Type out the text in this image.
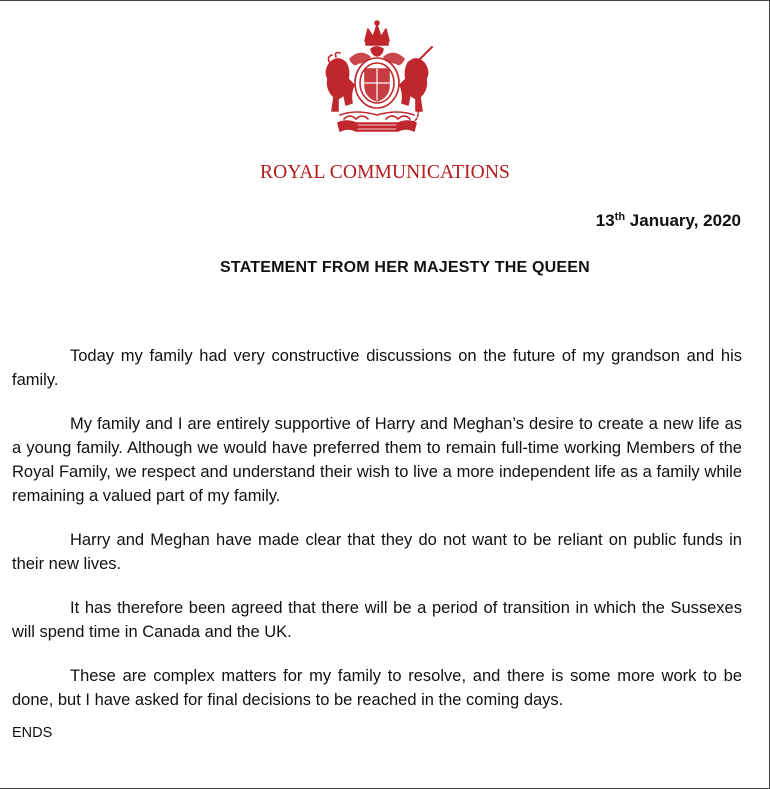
ROYAL COMMUNICATIONS
13th January, 2020
STATEMENT FROM HER MAJESTY THE QUEEN

Today my family had very constructive discussions on the future of my grandson and his family.

My family and I are entirely supportive of Harry and Meghan’s desire to create a new life as a young family. Although we would have preferred them to remain full-time working Members of the Royal Family, we respect and understand their wish to live a more independent life as a family while remaining a valued part of my family.

Harry and Meghan have made clear that they do not want to be reliant on public funds in their new lives.

It has therefore been agreed that there will be a period of transition in which the Sussexes will spend time in Canada and the UK.

These are complex matters for my family to resolve, and there is some more work to be done, but I have asked for final decisions to be reached in the coming days.

ENDS
